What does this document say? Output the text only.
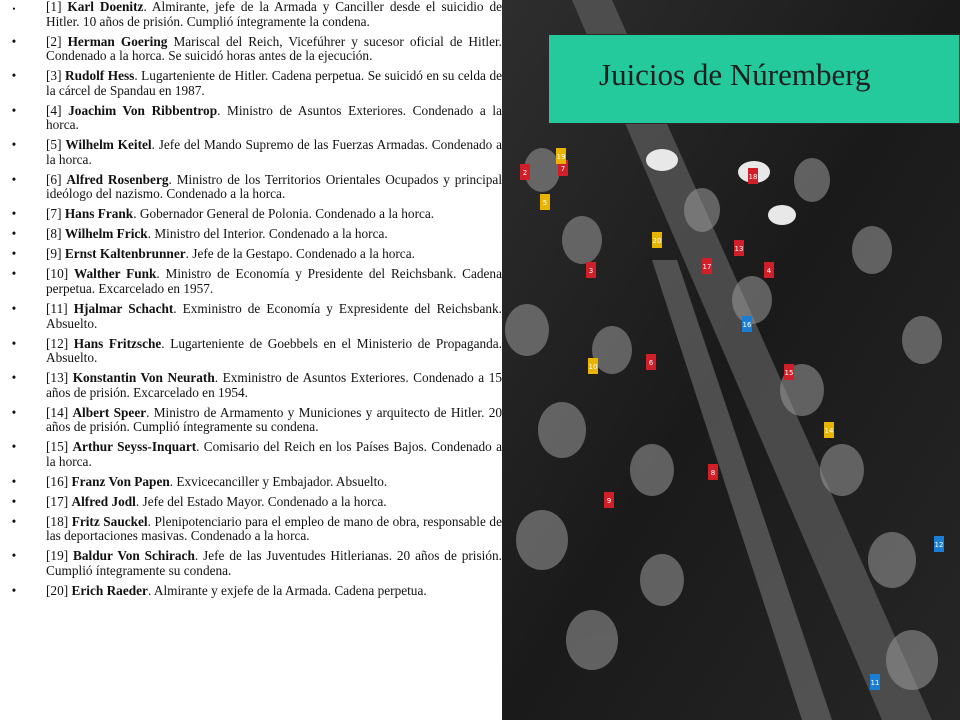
•	[1] Karl Doenitz. Almirante, jefe de la Armada y Canciller desde el suicidio de Hitler. 10 años de prisión. Cumplió íntegramente la condena.
• [2] Herman Goering Mariscal del Reich, Vicefúhrer y sucesor oficial de Hitler. Condenado a la horca. Se suicidó horas antes de la ejecución.
• [3] Rudolf Hess. Lugarteniente de Hitler. Cadena perpetua. Se suicidó en su celda de la cárcel de Spandau en 1987.
• [4] Joachim Von Ribbentrop. Ministro de Asuntos Exteriores. Condenado a la horca.
• [5] Wilhelm Keitel. Jefe del Mando Supremo de las Fuerzas Armadas. Condenado a la horca.
• [6] Alfred Rosenberg. Ministro de los Territorios Orientales Ocupados y principal ideólogo del nazismo. Condenado a la horca.
• [7] Hans Frank. Gobernador General de Polonia. Condenado a la horca.
• [8] Wilhelm Frick. Ministro del Interior. Condenado a la horca.
• [9] Ernst Kaltenbrunner. Jefe de la Gestapo. Condenado a la horca.
• [10] Walther Funk. Ministro de Economía y Presidente del Reichsbank. Cadena perpetua. Excarcelado en 1957.
• [11] Hjalmar Schacht. Exministro de Economía y Expresidente del Reichsbank. Absuelto.
• [12] Hans Fritzsche. Lugarteniente de Goebbels en el Ministerio de Propaganda. Absuelto.
• [13] Konstantin Von Neurath. Exministro de Asuntos Exteriores. Condenado a 15 años de prisión. Excarcelado en 1954.
• [14] Albert Speer. Ministro de Armamento y Municiones y arquitecto de Hitler. 20 años de prisión. Cumplió íntegramente su condena.
• [15] Arthur Seyss-Inquart. Comisario del Reich en los Países Bajos. Condenado a la horca.
• [16] Franz Von Papen. Exvicecanciller y Embajador. Absuelto.
• [17] Alfred Jodl. Jefe del Estado Mayor. Condenado a la horca.
• [18] Fritz Sauckel. Plenipotenciario para el empleo de mano de obra, responsable de las deportaciones masivas. Condenado a la horca.
• [19] Baldur Von Schirach. Jefe de las Juventudes Hitlerianas. 20 años de prisión. Cumplió íntegramente su condena.
• [20] Erich Raeder. Almirante y exjefe de la Armada. Cadena perpetua.
2
3	4
5
6
7
8
9
10
11
12
13
14
15
16
17
18
19
20
Juicios de Núremberg
